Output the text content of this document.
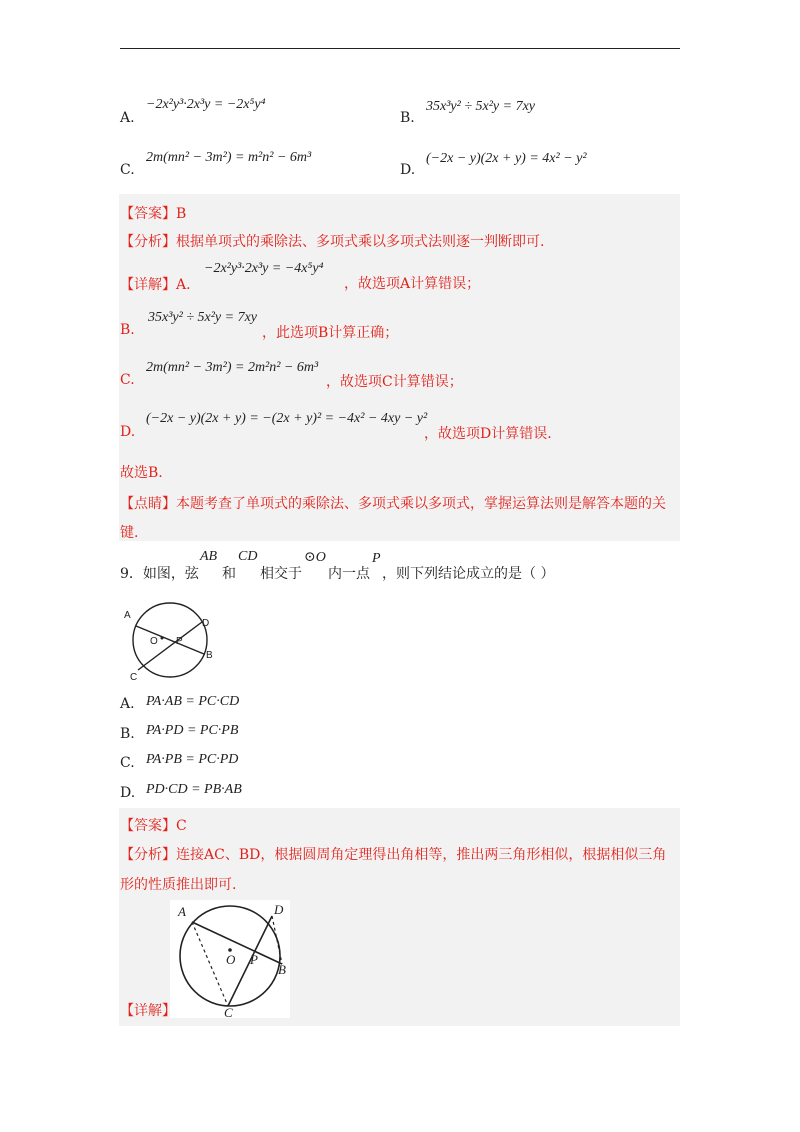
A.
−2x²y³·2x³y = −2x⁵y⁴
B.
35x³y² ÷ 5x²y = 7xy
C.
2m(mn² − 3m²) = m²n² − 6m³
D.
(−2x − y)(2x + y) = 4x² − y²
【答案】B
【分析】根据单项式的乘除法、多项式乘以多项式法则逐一判断即可.
【详解】A.
−2x²y³·2x³y = −4x⁵y⁴
，故选项A计算错误；
B.
35x³y² ÷ 5x²y = 7xy
，此选项B计算正确；
C.
2m(mn² − 3m²) = 2m²n² − 6m³
，故选项C计算错误；
D.
(−2x − y)(2x + y) = −(2x + y)² = −4x² − 4xy − y²
，故选项D计算错误.
故选B.
【点睛】本题考查了单项式的乘除法、多项式乘以多项式，掌握运算法则是解答本题的关
键.
9．如图，弦
AB
和
CD
相交于
⊙O
内一点
P
，则下列结论成立的是（ ）
A
B
C
D
O P
A. PA·AB = PC·CD
B. PA·PD = PC·PB
C. PA·PB = PC·PD
D. PD·CD = PB·AB
【答案】C
【分析】连接AC、BD，根据圆周角定理得出角相等，推出两三角形相似，根据相似三角
形的性质推出即可.
【详解】
A	D
B
C
O P
